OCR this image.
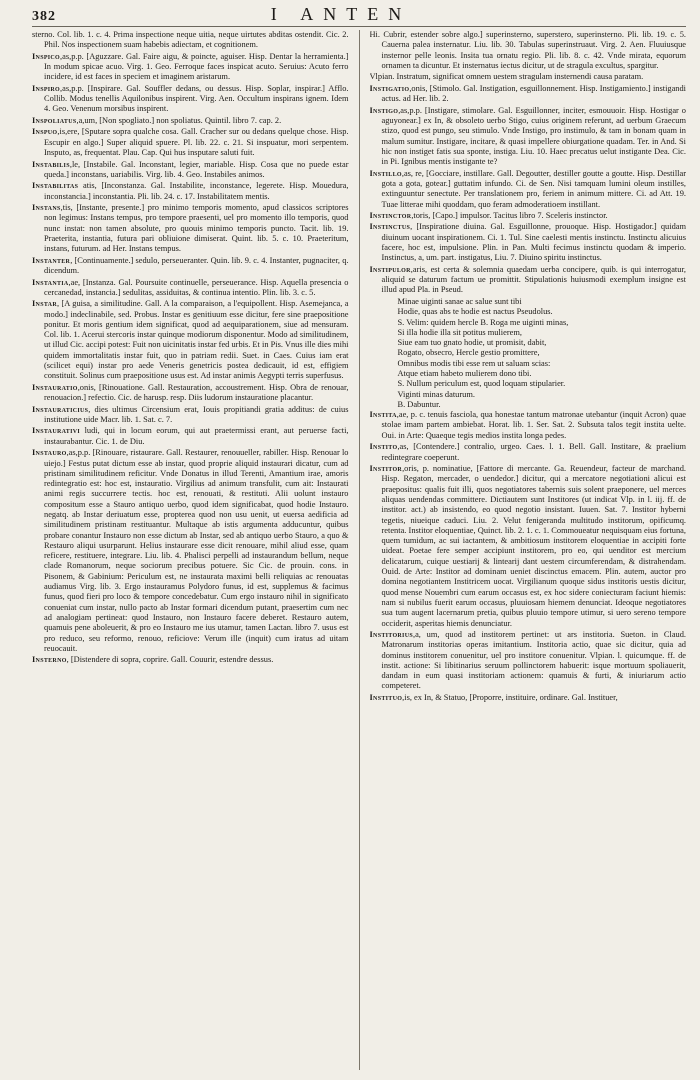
382	I ANTEN

sterno. Col. lib. 1. c. 4. Prima inspectione neque uitia, neque uirtutes abditas ostendit. Cic. 2. Phil. Nos inspectionem suam habebis adiectam, et cognitionem.

Inspico,as,p.p. [Aguzzare. Gal. Faire aigu, & poincte, aguiser. Hisp. Dentar la herramienta.] In modum spicae acuo. Virg. 1. Geo. Ferroque faces inspicat acuto. Seruius: Acuto ferro incidere, id est faces in speciem et imaginem aristarum.

Inspiro,as,p.p. [Inspirare. Gal. Souffler dedans, ou dessus. Hisp. Soplar, inspirar.] Afflo. Collib. Modus tenellis Aquilonibus inspirent. Virg. Aen. Occultum inspirans ignem. Idem 4. Geo. Venenum morsibus inspirent.

Inspoliatus,a,um, [Non spogliato.] non spoliatus. Quintil. libro 7. cap. 2.

Inspuo,is,ere, [Sputare sopra qualche cosa. Gall. Cracher sur ou dedans quelque chose. Hisp. Escupir en algo.] Super aliquid spuere. Pl. lib. 22. c. 21. Si inspuatur, mori serpentem. Insputo, as, frequentat. Plau. Cap. Qui hus insputare saluti fuit.

Instabilis,le, [Instabile. Gal. Inconstant, legier, mariable. Hisp. Cosa que no puede estar queda.] inconstans, uariabilis. Virg. lib. 4. Geo. Instabiles animos.

Instabilitas atis, [Inconstanza. Gal. Instabilite, inconstance, legerete. Hisp. Mouedura, inconstancia.] inconstantia. Pli. lib. 24. c. 17. Instabilitatem mentis.

Instans,tis, [Instante, presente.] pro minimo temporis momento, apud classicos scriptores non legimus: Instans tempus, pro tempore praesenti, uel pro momento illo temporis, quod nunc instat: non tamen absolute, pro quouis minimo temporis puncto. Tacit. lib. 19. Praeterita, instantia, futura pari obliuione dimiserat. Quint. lib. 5. c. 10. Praeteritum, instans, futurum. ad Her. Instans tempus.

Instanter, [Continuamente.] sedulo, perseueranter. Quin. lib. 9. c. 4. Instanter, pugnaciter, q. dicendum.

Instantia,ae, [Instanza. Gal. Poursuite continuelle, perseuerance. Hisp. Aquella presencia o cercanedad, instancia.] sedulitas, assiduitas, & continua intentio. Plin. lib. 3. c. 5.

Instar, [A guisa, a similitudine. Gall. A la comparaison, a l'equipollent. Hisp. Asemejanca, a modo.] indeclinabile, sed. Probus. Instar es genitiuum esse dicitur, fere sine praepositione ponitur. Et moris gentium idem significat, quod ad aequiparationem, siue ad mensuram. Col. lib. 1. Acerui stercoris instar quinque modiorum disponentur. Modo ad similitudinem, ut illud Cic. accipi potest: Fuit non uicinitatis instar fed urbis. Et in Pis. Vnus ille dies mihi quidem immortalitatis instar fuit, quo in patriam redii. Suet. in Caes. Cuius iam erat (scilicet equi) instar pro aede Veneris genetricis postea dedicauit, id est, effigiem constituit. Solinus cum praepositione usus est. Ad instar animis Aegypti terris superfusus.

Instauratio,onis, [Rinouatione. Gall. Restauration, accoustrement. Hisp. Obra de renouar, renouacion.] refectio. Cic. de harusp. resp. Diis ludorum instauratione placantur.

Instauraticius, dies ultimus Circensium erat, Iouis propitiandi gratia additus: de cuius institutione uide Macr. lib. 1. Sat. c. 7.

Instaurativi ludi, qui in locum eorum, qui aut praetermissi erant, aut peruerse facti, instaurabantur. Cic. 1. de Diu.

Instauro,as,p.p. [Rinouare, ristaurare. Gall. Restaurer, renouueller, rabiller. Hisp. Renouar lo uiejo.] Festus putat dictum esse ab instar, quod proprie aliquid instaurari dicatur, cum ad pristinam similitudinem reficitur. Vnde Donatus in illud Terenti, Amantium irae, amoris redintegratio est: hoc est, instauratio. Virgilius ad animum transfulit, cum ait: Instaurati animi regis succurrere tectis. hoc est, renouati, & restituti. Alii uolunt instauro compositum esse a Stauro antiquo uerbo, quod idem significabat, quod hodie Instauro. negatq. ab Instar deriuatum esse, propterea quod non usu uenit, ut euersa aedificia ad similitudinem pristinam restituantur. Multaque ab istis argumenta adducuntur, quibus probare conantur Instauro non esse dictum ab Instar, sed ab antiquo uerbo Stauro, a quo & Restauro aliqui usurparunt. Helius instaurare esse dicit renouare, mihil aliud esse, quam reficere, restituere, integrare. Liu. lib. 4. Phalisci perpelli ad instaurandum bellum, neque clade Romanorum, neque sociorum precibus potuere. Sic Cic. de prouin. cons. in Pisonem, & Gabinium: Periculum est, ne instaurata maximi belli reliquias ac renouatas audiamus Virg. lib. 3. Ergo instauramus Polydoro funus, id est, supplemus & facimus funus, quod fieri pro loco & tempore concedebatur. Cum ergo instauro nihil in significato conueniat cum instar, nullo pacto ab Instar formari dicendum putant, praesertim cum nec ad analogiam pertineat: quod Instauro, non Instauro facere deberet. Restauro autem, quamuis pene aboleuerit, & pro eo Instauro me ius utamur, tamen Lactan. libro 7. usus est pro reduco, seu reformo, renouo, reficiove: Verum ille (inquit) cum iratus ad uitam reuocauit.

Insterno, [Distendere di sopra, coprire. Gall. Couurir, estendre dessus.

Hi. Cubrir, estender sobre algo.] superinsterno, superstero, superinsterno. Pli. lib. 19. c. 5. Cauerna palea insternatur. Liu. lib. 30. Tabulas superinstruaut. Virg. 2. Aen. Fluuiusque insternor pelle leonis. Insita tua ornatu regio. Pli. lib. 8. c. 42. Vnde mirata, equorum ornamen ta dicuntur. Et insternatus iectus dicitur, ut de stragula excultus, spargitur.

Vlpian. Instratum, significat omnem uestem stragulam insternendi causa paratam.

Instigatio,onis, [Stimolo. Gal. Instigation, esguillonnement. Hisp. Instigamiento.] instigandi actus. ad Her. lib. 2.

Instigo,as,p.p. [Instigare, stimolare. Gal. Esguillonner, inciter, esmouuoir. Hisp. Hostigar o aguyonear.] ex In, & obsoleto uerbo Stigo, cuius originem referunt, ad uerbum Graecum stizo, quod est pungo, seu stimulo. Vnde Instigo, pro instimulo, & tam in bonam quam in malum sumitur. Instigare, incitare, & quasi impellere obiurgatione quadam. Ter. in And. Si hic non instiget fatis sua sponte, instiga. Liu. 10. Haec precatus uelut instigante Dea. Cic. in Pi. Ignibus mentis instigante te?

Instillo,as, re, [Gocciare, instillare. Gall. Degoutter, destiller goutte a goutte. Hisp. Destillar gota a gota, gotear.] guttatim infundo. Ci. de Sen. Nisi tamquam lumini oleum instilles, extinguuntur senectute. Per translationem pro, feriem in animum mittere. Ci. ad Att. 19. Tuae litterae mihi quoddam, quo feram admoderatioem instillant.

Instinctor,toris, [Capo.] impulsor. Tacitus libro 7. Sceleris instinctor.

Instinctus, [Inspiratione diuina. Gal. Esguillonne, prouoque. Hisp. Hostigador.] quidam diuinum uocant inspirationem. Ci. 1. Tul. Sine caelesti mentis instinctu. Instinctu alicuius facere, hoc est, impulsione. Plin. in Pan. Multi fecimus instinctu quodam & imperio. Instinctus, a, um. part. instigatus, Liu. 7. Diuino spiritu instinctus.

Instipulor,aris, est certa & solemnia quaedam uerba concipere, quib. is qui interrogatur, aliquid se daturum factum ue promittit. Stipulationis huiusmodi exemplum insigne est illud apud Pla. in Pseud.

Minae uiginti sanae ac salue sunt tibi

Hodie, quas abs te hodie est nactus Pseudolus.

S. Velim: quidem hercle B. Roga me uiginti minas,

Si illa hodie illa sit potitus mulierem,

Siue eam tuo gnato hodie, ut promisit, dabit,

Rogato, obsecro, Hercle gestio promittere,

Omnibus modis tibi esse rem ut saluam scias:

Atque etiam habeto mulierem dono tibi.

S. Nullum periculum est, quod loquam stipularier.

Viginti minas daturum.

B. Dabuntur.

Instita,ae, p. c. tenuis fasciola, qua honestae tantum matronae utebantur (inquit Acron) quae stolae imam partem ambiebat. Horat. lib. 1. Ser. Sat. 2. Subsuta talos tegit instita uelte. Oui. in Arte: Quaeque tegis medios instita longa pedes.

Instito,as, [Contendere.] contralio, urgeo. Caes. l. 1. Bell. Gall. Institare, & praelium redintegrare coeperunt.

Institor,oris, p. nominatiue, [Fattore di mercante. Ga. Reuendeur, facteur de marchand. Hisp. Regaton, mercader, o uendedor.] dicitur, qui a mercatore negotiationi alicui est praepositus: qualis fuit illi, quos negotiatores tabernis suis solent praeponere, uel merces aliquas uendendas committere. Dictiautem sunt Institores (ut indicat Vlp. in l. iij. ff. de institor. act.) ab insistendo, eo quod negotio insistant. Iuuen. Sat. 7. Institor hyberni tegetis, niueique caduci. Liu. 2. Velut fenigeranda multitudo institorum, opificumq. retenta. Institor eloquentiae, Quinct. lib. 2. 1. c. 1. Commoueatur nequisquam eius fortuna, quem tumidum, ac sui iactantem, & ambitiosum institorem eloquentiae in accipiti forte uideat. Poetae fere semper accipiunt institorem, pro eo, qui uenditor est mercium delicatarum, cuique uestiarij & lintearij dant uestem circumferendam, & distrahendam. Ouid. de Arte: Institor ad dominam ueniet discinctus emacem. Plin. autem, auctor pro domina negotiantem Institricem uocat. Virgilianum quoque sidus institoris uestis dicitur, quod mense Nouembri cum earum occasus est, ex hoc sidere coniecturam faciunt hiemis: nam si nubilus fuerit earum occasus, pluuiosam hiemem denunciat. Ideoque negotiatores sua tum augent lacernarum pretia, quibus pluuio tempore utimur, si uero sereno tempore occiderit, asperitas hiemis denunciatur.

Institorius,a, um, quod ad institorem pertinet: ut ars institoria. Sueton. in Claud. Matronarum institorias operas imitantium. Institoria actio, quae sic dicitur, quia ad dominus institorem conuenitur, uel pro institore conuenitur. Vlpian. l. quicumque. ff. de instit. actione: Si libitinarius seruum pollinctorem habuerit: isque mortuum spoliauerit, dandam in eum quasi institoriam actionem: quamuis & furti, & iniuriarum actio competeret.

Instituo,is, ex In, & Statuo, [Proporre, instituire, ordinare. Gal. Instituer,
